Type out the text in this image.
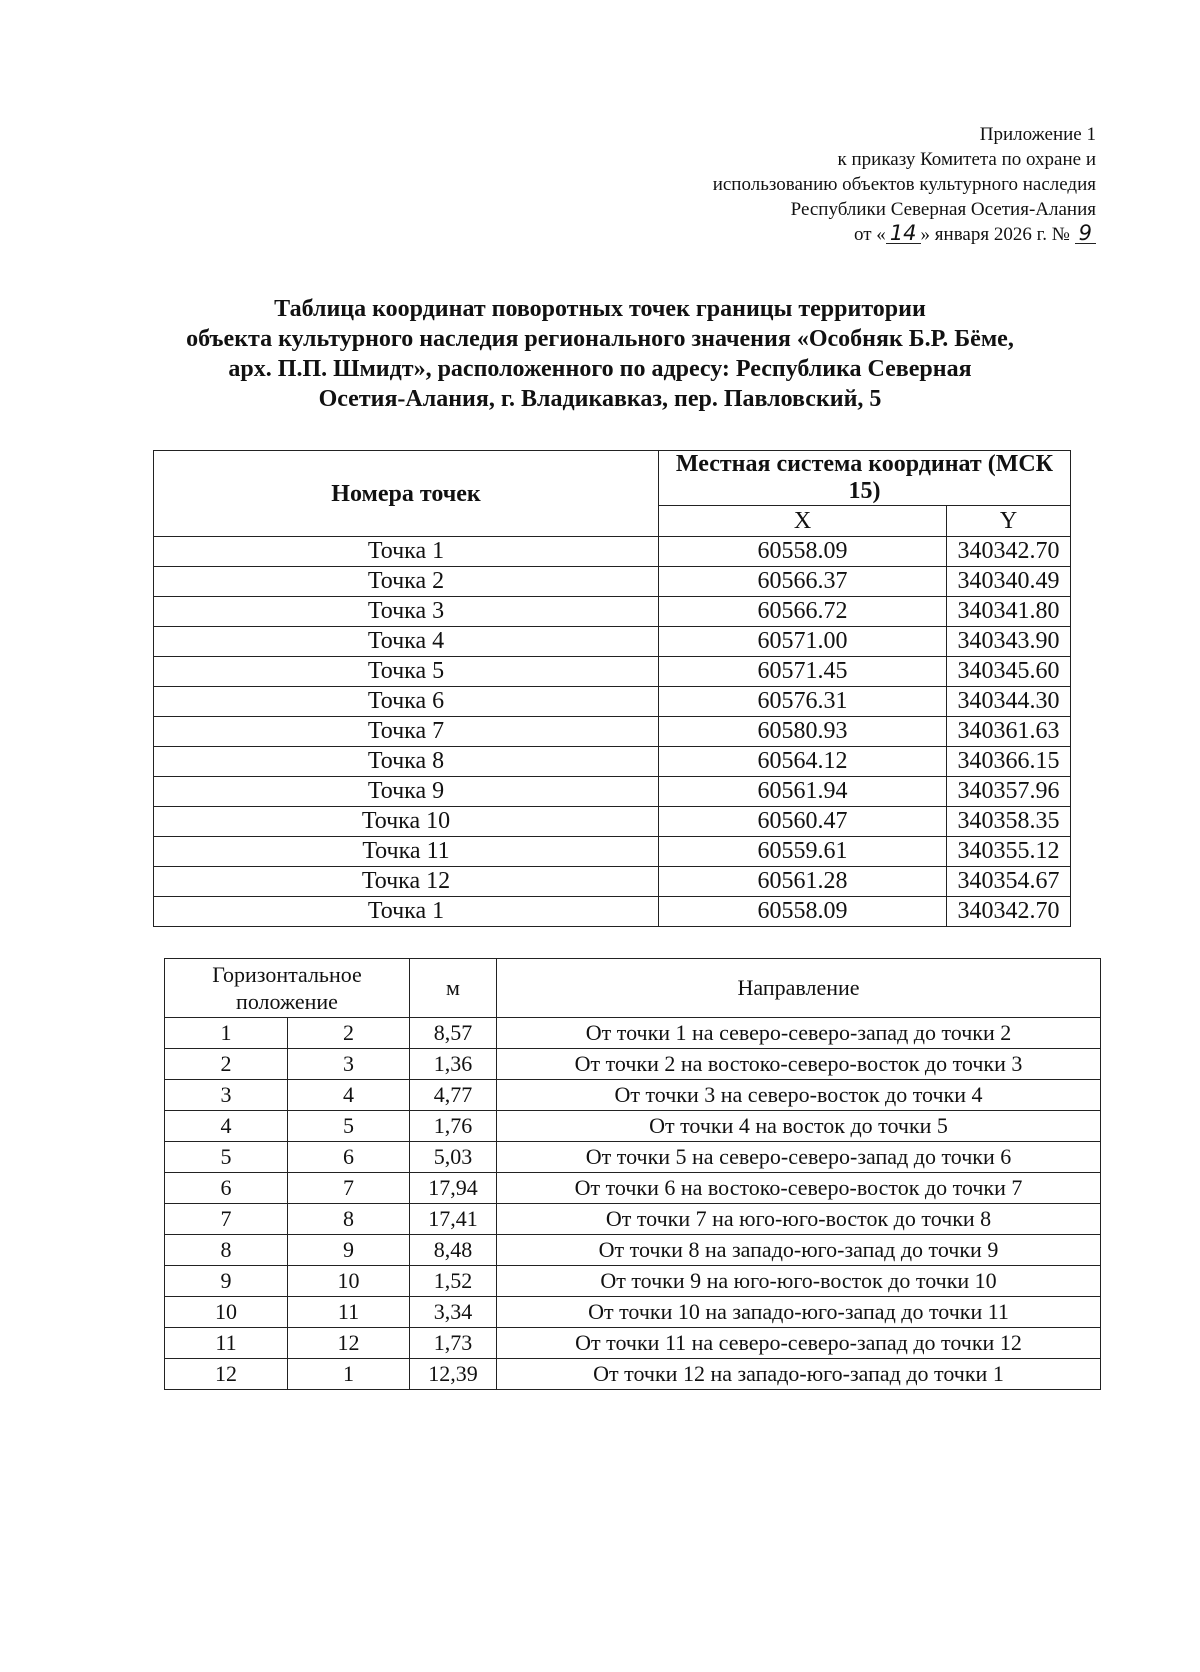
Приложение 1
к приказу Комитета по охране и
использованию объектов культурного наследия
Республики Северная Осетия-Алания
от « 14 » января 2026 г. № 9
Таблица координат поворотных точек границы территории
объекта культурного наследия регионального значения «Особняк Б.Р. Бёме,
арх. П.П. Шмидт», расположенного по адресу: Республика Северная
Осетия-Алания, г. Владикавказ, пер. Павловский, 5
Номера точек	Местная система координат (МСК 15)	
	X	Y
Точка 1	60558.09	340342.70
Точка 2	60566.37	340340.49
Точка 3	60566.72	340341.80
Точка 4	60571.00	340343.90
Точка 5	60571.45	340345.60
Точка 6	60576.31	340344.30
Точка 7	60580.93	340361.63
Точка 8	60564.12	340366.15
Точка 9	60561.94	340357.96
Точка 10	60560.47	340358.35
Точка 11	60559.61	340355.12
Точка 12	60561.28	340354.67
Точка 1	60558.09	340342.70
Горизонтальное положение		м	Направление
1	2	8,57	От точки 1 на северо-северо-запад до точки 2
2	3	1,36	От точки 2 на востоко-северо-восток до точки 3
3	4	4,77	От точки 3 на северо-восток до точки 4
4	5	1,76	От точки 4 на восток до точки 5
5	6	5,03	От точки 5 на северо-северо-запад до точки 6
6	7	17,94	От точки 6 на востоко-северо-восток до точки 7
7	8	17,41	От точки 7 на юго-юго-восток до точки 8
8	9	8,48	От точки 8 на западо-юго-запад до точки 9
9	10	1,52	От точки 9 на юго-юго-восток до точки 10
10	11	3,34	От точки 10 на западо-юго-запад до точки 11
11	12	1,73	От точки 11 на северо-северо-запад до точки 12
12	1	12,39	От точки 12 на западо-юго-запад до точки 1
